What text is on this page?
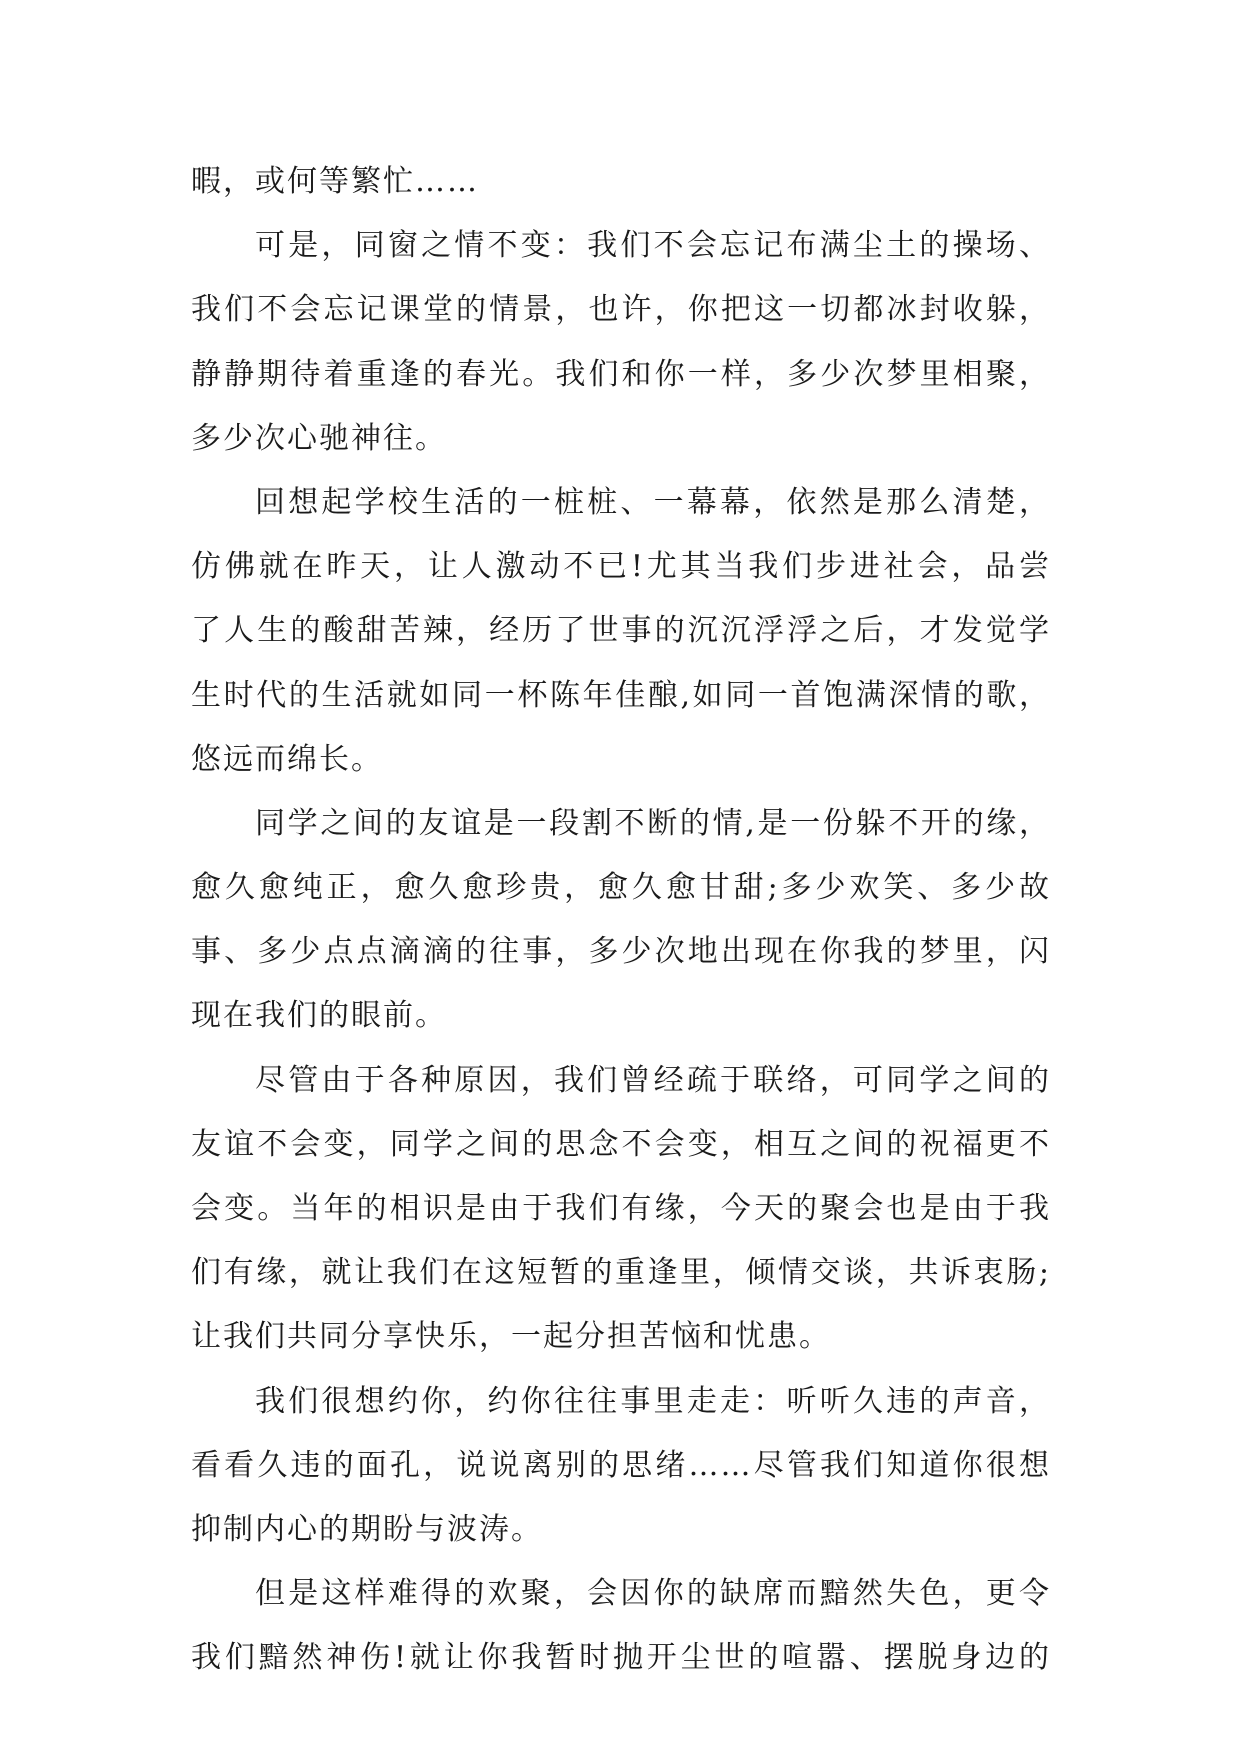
暇，或何等繁忙……
可是，同窗之情不变：我们不会忘记布满尘土的操场、
我们不会忘记课堂的情景，也许，你把这一切都冰封收躲，
静静期待着重逢的春光。我们和你一样，多少次梦里相聚，
多少次心驰神往。
回想起学校生活的一桩桩、一幕幕，依然是那么清楚，
仿佛就在昨天，让人激动不已!尤其当我们步进社会，品尝
了人生的酸甜苦辣，经历了世事的沉沉浮浮之后，才发觉学
生时代的生活就如同一杯陈年佳酿,如同一首饱满深情的歌，
悠远而绵长。
同学之间的友谊是一段割不断的情,是一份躲不开的缘，
愈久愈纯正，愈久愈珍贵，愈久愈甘甜;多少欢笑、多少故
事、多少点点滴滴的往事，多少次地出现在你我的梦里，闪
现在我们的眼前。
尽管由于各种原因，我们曾经疏于联络，可同学之间的
友谊不会变，同学之间的思念不会变，相互之间的祝福更不
会变。当年的相识是由于我们有缘，今天的聚会也是由于我
们有缘，就让我们在这短暂的重逢里，倾情交谈，共诉衷肠;
让我们共同分享快乐，一起分担苦恼和忧患。
我们很想约你，约你往往事里走走：听听久违的声音，
看看久违的面孔，说说离别的思绪……尽管我们知道你很想
抑制内心的期盼与波涛。
但是这样难得的欢聚，会因你的缺席而黯然失色，更令
我们黯然神伤!就让你我暂时抛开尘世的喧嚣、摆脱身边的
